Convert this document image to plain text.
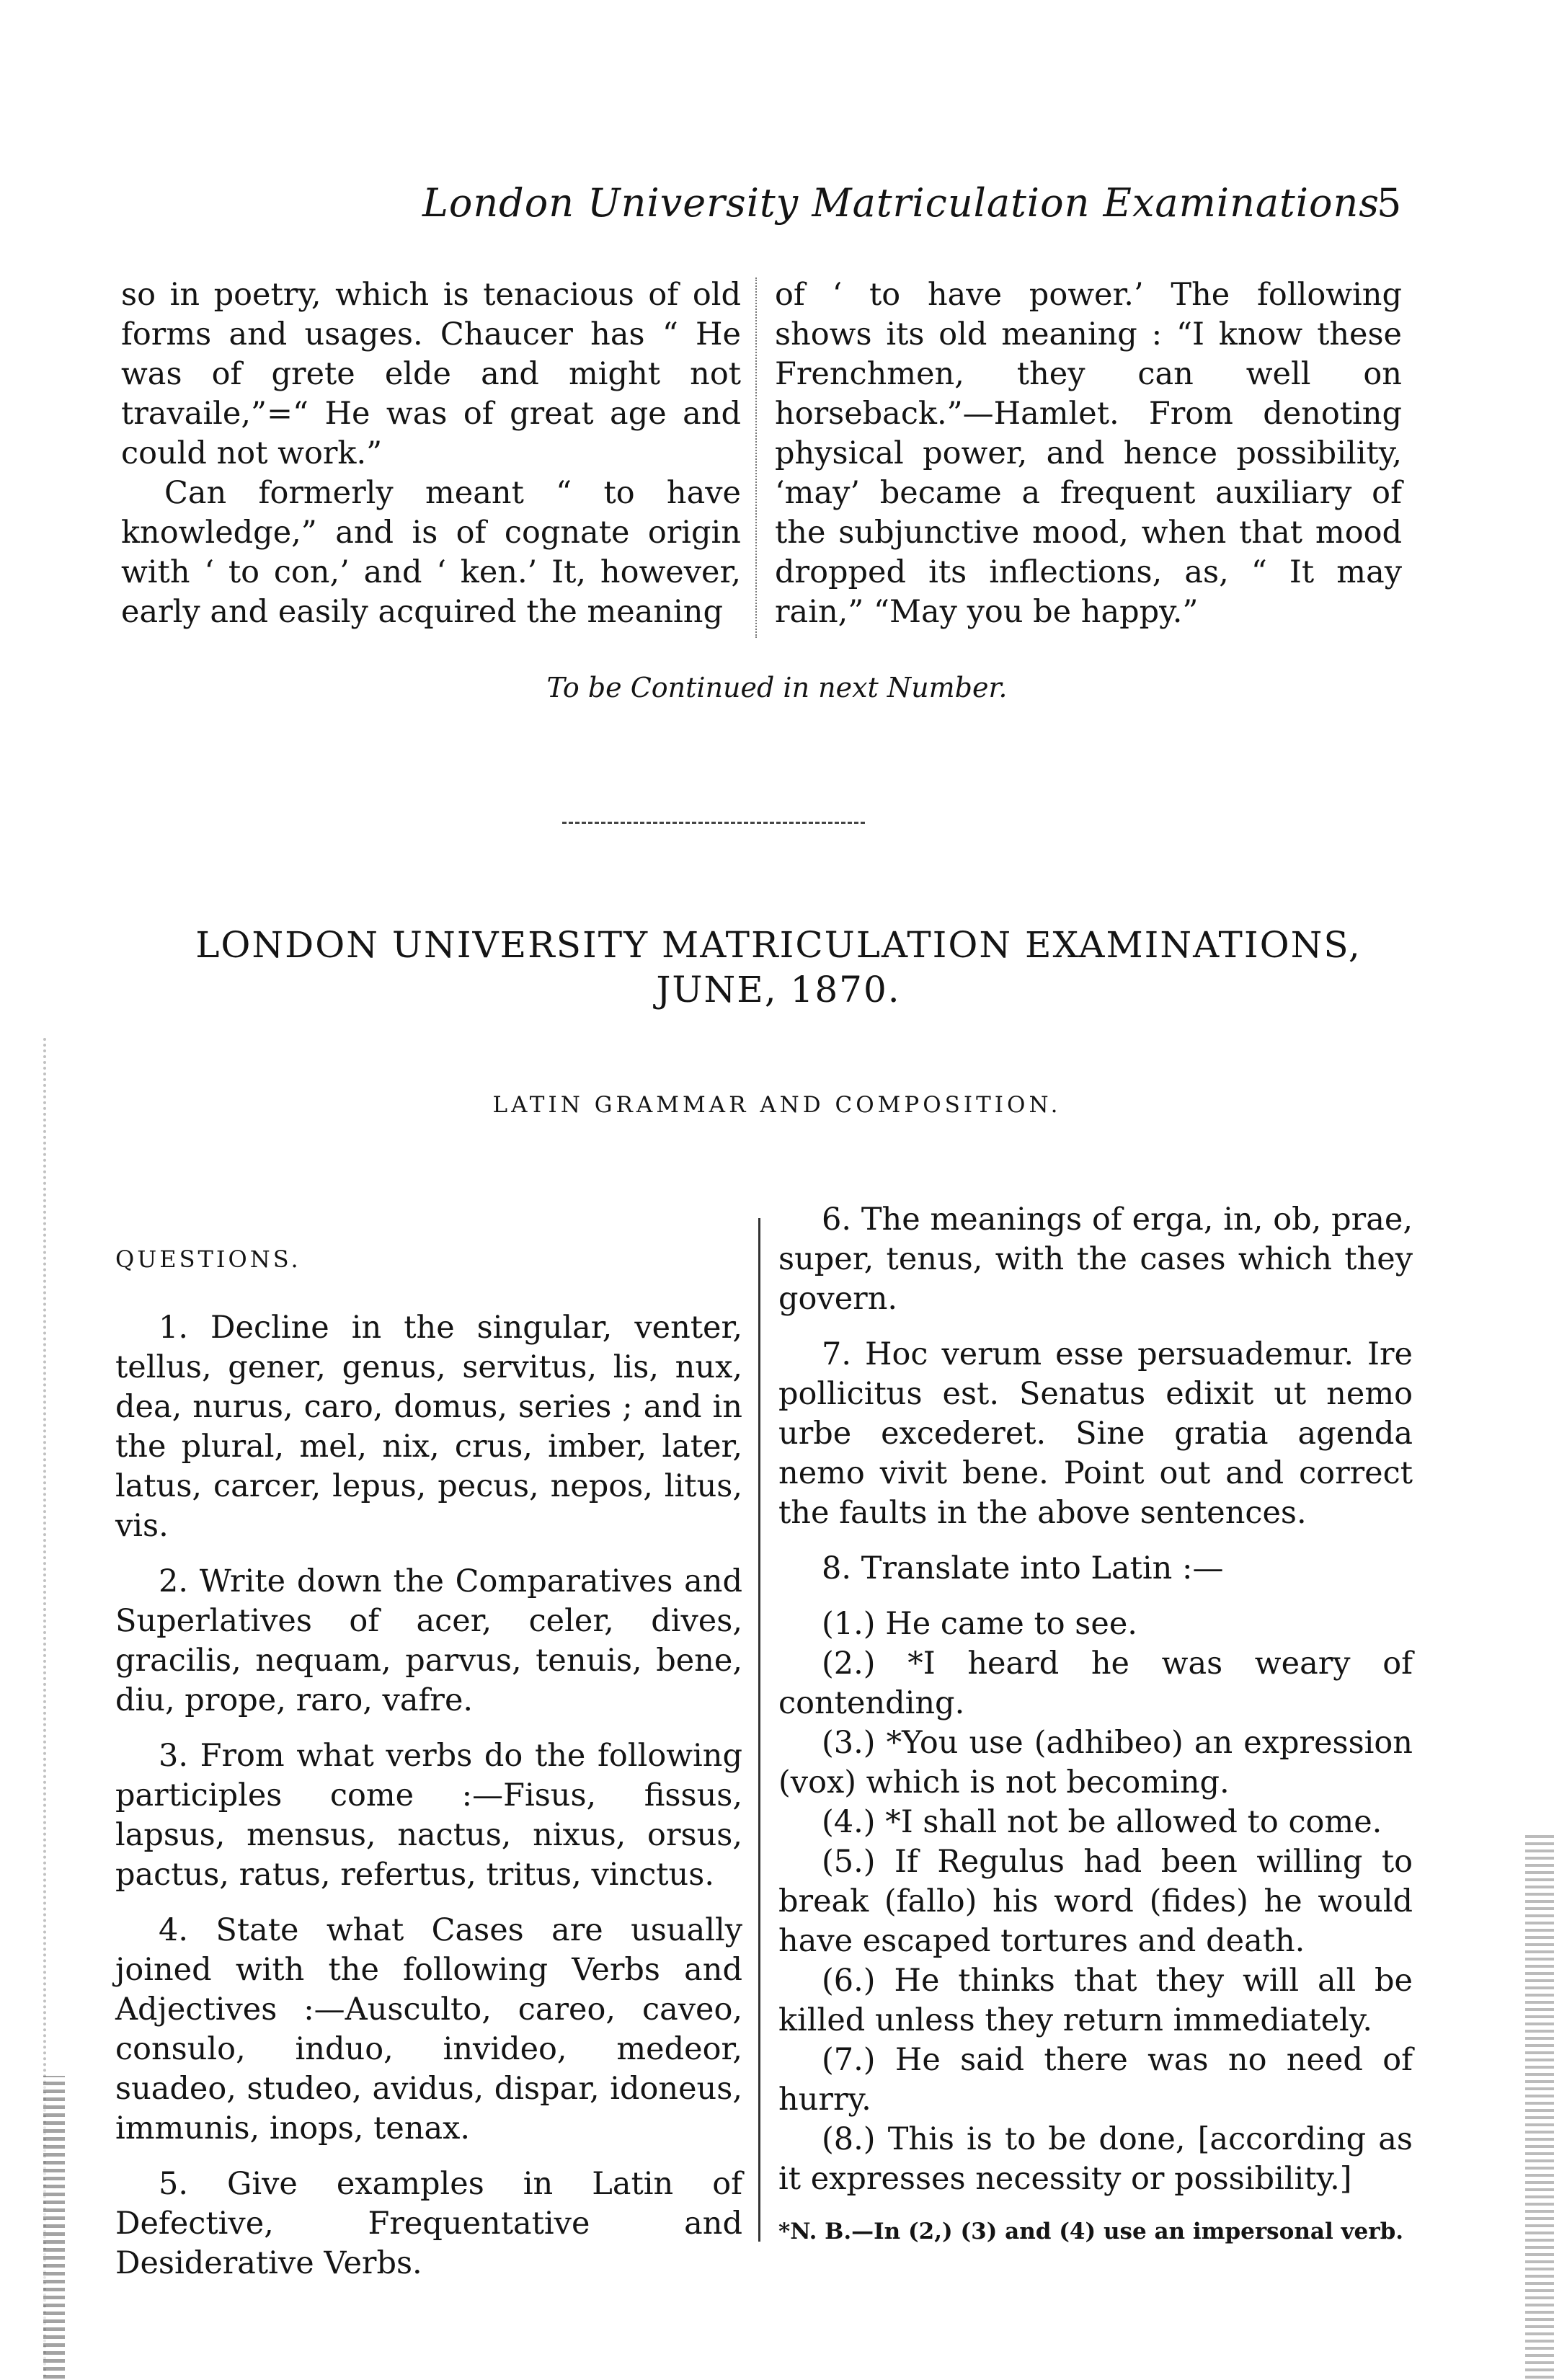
London University Matriculation Examinations
5

so in poetry, which is tenacious of old forms and usages. Chaucer has “ He was of grete elde and might not travaile,”=“ He was of great age and could not work.”

Can formerly meant “ to have knowledge,” and is of cognate origin with ‘ to con,’ and ‘ ken.’ It, however, early and easily acquired the meaning

of ‘ to have power.’ The following shows its old meaning : “I know these Frenchmen, they can well on horseback.”—Hamlet. From denoting physical power, and hence possibility, ‘may’ became a frequent auxiliary of the subjunctive mood, when that mood dropped its inflections, as, “ It may rain,” “May you be happy.”

To be Continued in next Number.
LONDON UNIVERSITY MATRICULATION EXAMINATIONS,
JUNE, 1870.
LATIN GRAMMAR AND COMPOSITION.

QUESTIONS.

1. Decline in the singular, venter, tellus, gener, genus, servitus, lis, nux, dea, nurus, caro, domus, series ; and in the plural, mel, nix, crus, imber, later, latus, carcer, lepus, pecus, nepos, litus, vis.

2. Write down the Comparatives and Superlatives of acer, celer, dives, gracilis, nequam, parvus, tenuis, bene, diu, prope, raro, vafre.

3. From what verbs do the following participles come :—Fisus, fissus, lapsus, mensus, nactus, nixus, orsus, pactus, ratus, refertus, tritus, vinctus.

4. State what Cases are usually joined with the following Verbs and Adjectives :—Ausculto, careo, caveo, consulo, induo, invideo, medeor, suadeo, studeo, avidus, dispar, idoneus, immunis, inops, tenax.

5. Give examples in Latin of Defective, Frequentative and Desiderative Verbs.

6. The meanings of erga, in, ob, prae, super, tenus, with the cases which they govern.

7. Hoc verum esse persuademur. Ire pollicitus est. Senatus edixit ut nemo urbe excederet. Sine gratia agenda nemo vivit bene. Point out and correct the faults in the above sentences.

8. Translate into Latin :—

(1.) He came to see.

(2.) *I heard he was weary of contending.

(3.) *You use (adhibeo) an expression (vox) which is not becoming.

(4.) *I shall not be allowed to come.

(5.) If Regulus had been willing to break (fallo) his word (fides) he would have escaped tortures and death.

(6.) He thinks that they will all be killed unless they return immediately.

(7.) He said there was no need of hurry.

(8.) This is to be done, [according as it expresses necessity or possibility.]

*N. B.—In (2,) (3) and (4) use an impersonal verb.
